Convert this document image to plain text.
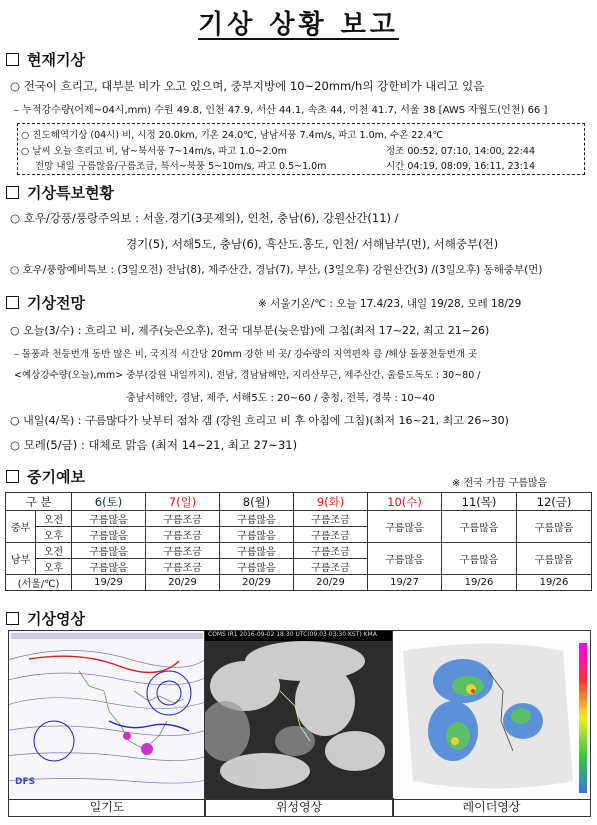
기상 상황 보고
현재기상
○ 전국이 흐리고, 대부분 비가 오고 있으며, 중부지방에 10~20mm/h의 강한비가 내리고 있음
– 누적강수량(어제~04시,mm) 수원 49.8, 인천 47.9, 서산 44.1, 속초 44, 이천 41.7, 서울 38 [AWS 자월도(인천) 66 ]
○ 진도해역기상 (04시) 비, 시정 20.0km, 기온 24.0℃, 남남서풍 7.4m/s, 파고 1.0m, 수온 22.4℃
○ 날씨 오늘 흐리고 비, 남~북서풍 7~14m/s, 파고 1.0~2.0m	정조 00:52, 07:10, 14:00, 22:44
전망 내일 구름많음/구름조금, 북서~북풍 5~10m/s, 파고 0.5~1.0m	시간 04:19, 08:09, 16:11, 23:14
기상특보현황
○ 호우/강풍/풍랑주의보 : 서울.경기(3곳제외), 인천, 충남(6), 강원산간(11) /
경기(5), 서해5도, 충남(6), 흑산도.홍도, 인천/ 서해남부(먼), 서해중부(전)
○ 호우/풍랑예비특보 : (3일오전) 전남(8), 제주산간, 경남(7), 부산, (3일오후) 강원산간(3) /(3일오후) 동해중부(먼)
기상전망	※ 서울기온/℃ : 오늘 17.4/23, 내일 19/28, 모레 18/29
○ 오늘(3/수) : 흐리고 비, 제주(늦은오후), 전국 대부분(늦은밤)에 그침(최저 17~22, 최고 21~26)
– 돌풍과 천둥번개 동반 많은 비, 국지적 시간당 20mm 강한 비 곳/ 강수량의 지역편차 큼 /해상 돌풍천둥번개 곳
<예상강수량(오늘),mm> 중부(강원 내일까지), 전남, 경남남해안, 지리산부근, 제주산간, 울릉도독도 : 30~80 /
충남서해안, 경남, 제주, 서해5도 : 20~60 / 충청, 전북, 경북 : 10~40
○ 내일(4/목) : 구름많다가 낮부터 점차 갬 (강원 흐리고 비 후 아침에 그침)(최저 16~21, 최고 26~30)
○ 모레(5/금) : 대체로 맑음 (최저 14~21, 최고 27~31)
중기예보	※ 전국 가끔 구름많음
구 분		6(토)	7(일)	8(월)	9(화)	10(수)	11(목)	12(금)
중부	오전	구름많음	구름조금	구름많음	구름조금	구름많음	구름많음	구름많음
	오후	구름많음	구름조금	구름많음	구름조금			
남부	오전	구름많음	구름조금	구름많음	구름조금	구름많음	구름많음	구름많음
	오후	구름많음	구름조금	구름많음	구름조금			
(서울/℃)		19/29	20/29	20/29	20/29	19/27	19/26	19/26
기상영상
DFS
COMS IR1 2016-09-02 18:30 UTC(09.03 03:30 KST) KMA
일기도	위성영상	레이더영상
